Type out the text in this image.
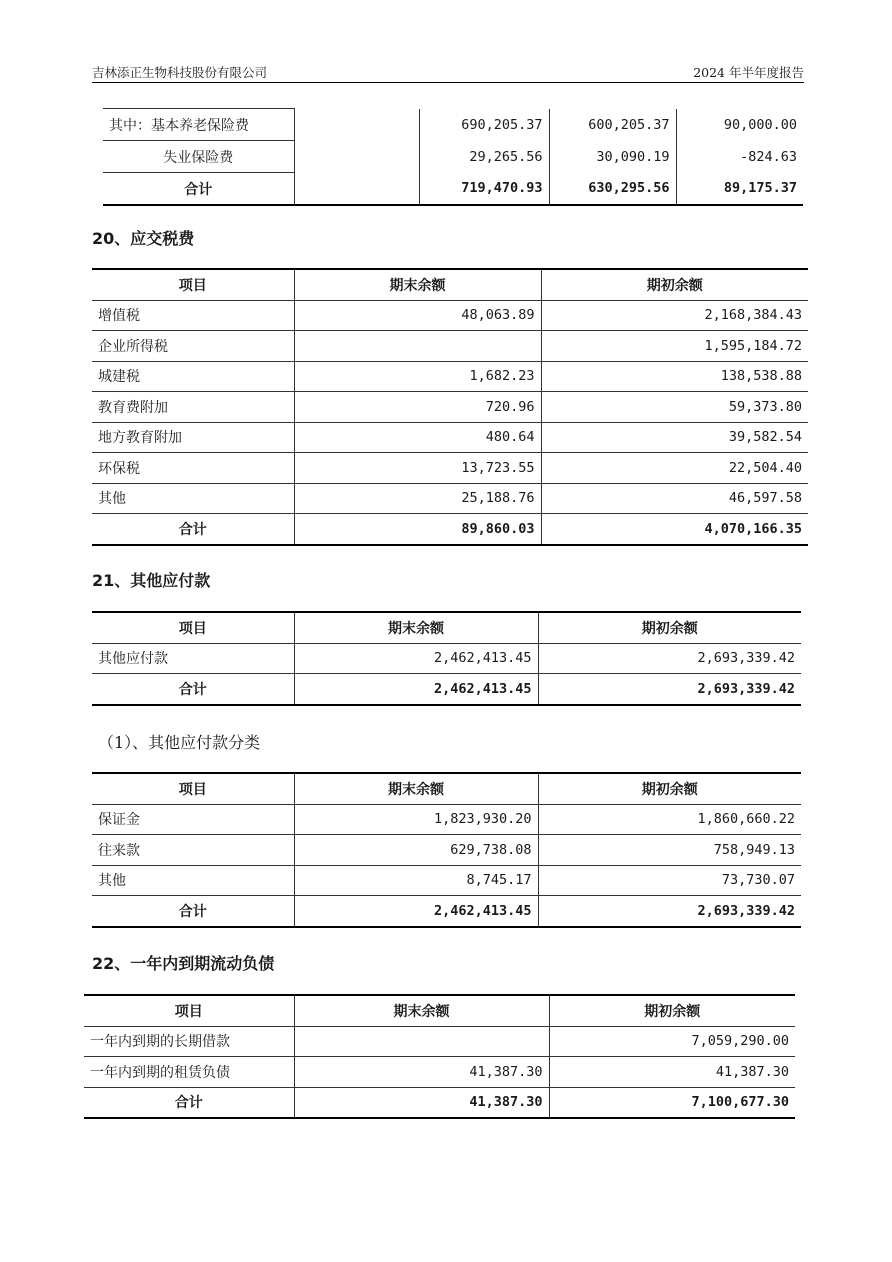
吉林添正生物科技股份有限公司	2024 年半年度报告
其中：基本养老保险费		690,205.37	600,205.37	90,000.00
失业保险费		29,265.56	30,090.19	-824.63
合计		719,470.93	630,295.56	89,175.37
20、应交税费
项目	期末余额	期初余额
增值税	48,063.89	2,168,384.43
企业所得税		1,595,184.72
城建税	1,682.23	138,538.88
教育费附加	720.96	59,373.80
地方教育附加	480.64	39,582.54
环保税	13,723.55	22,504.40
其他	25,188.76	46,597.58
合计	89,860.03	4,070,166.35
21、其他应付款
项目	期末余额	期初余额
其他应付款	2,462,413.45	2,693,339.42
合计	2,462,413.45	2,693,339.42
（1）、其他应付款分类
项目	期末余额	期初余额
保证金	1,823,930.20	1,860,660.22
往来款	629,738.08	758,949.13
其他	8,745.17	73,730.07
合计	2,462,413.45	2,693,339.42
22、一年内到期流动负债
项目	期末余额	期初余额
一年内到期的长期借款		7,059,290.00
一年内到期的租赁负债	41,387.30	41,387.30
合计	41,387.30	7,100,677.30
